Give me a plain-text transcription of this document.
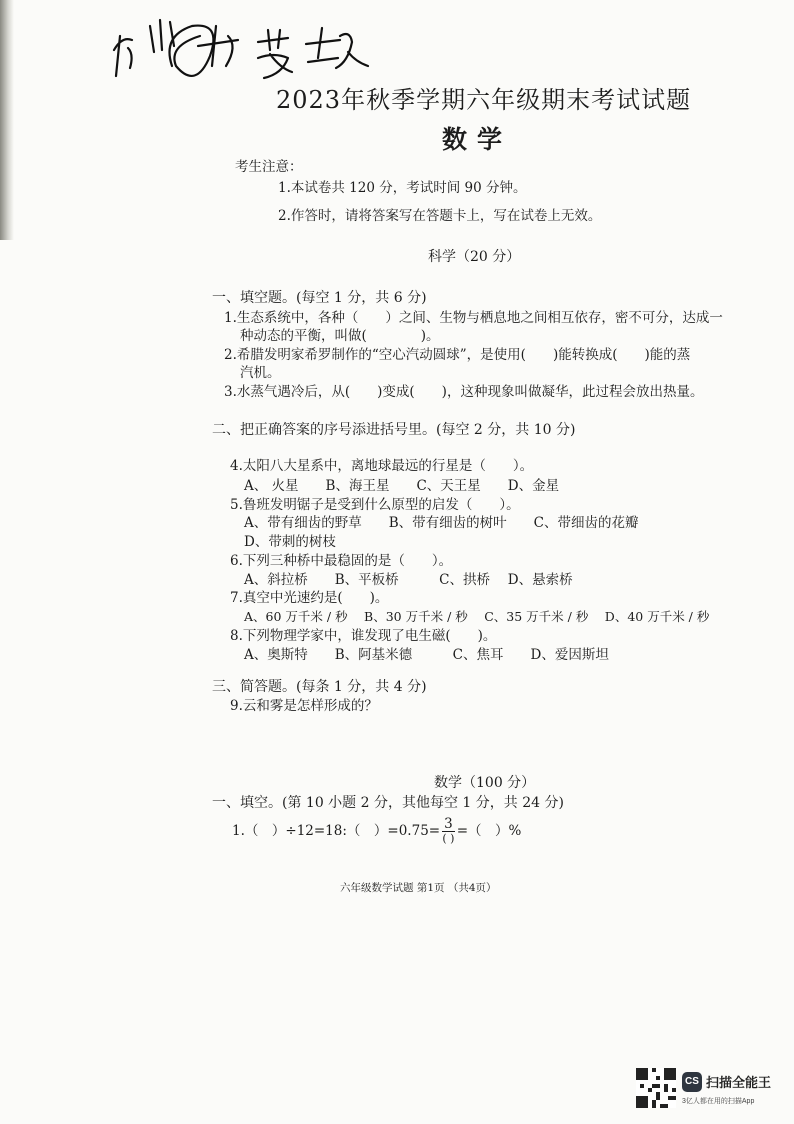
2023年秋季学期六年级期末考试试题
数学
考生注意：
1.本试卷共 120 分，考试时间 90 分钟。
2.作答时，请将答案写在答题卡上，写在试卷上无效。
科学（20 分）
一、填空题。(每空 1 分，共 6 分)
1.生态系统中，各种（　　）之间、生物与栖息地之间相互依存，密不可分，达成一
种动态的平衡，叫做(　　　　)。
2.希腊发明家希罗制作的“空心汽动圆球”，是使用(　　)能转换成(　　)能的蒸
汽机。
3.水蒸气遇冷后，从(　　)变成(　　)，这种现象叫做凝华，此过程会放出热量。
二、把正确答案的序号添进括号里。(每空 2 分，共 10 分)
4.太阳八大星系中，离地球最远的行星是（　　）。
A、 火星　　B、海王星　　C、天王星　　D、金星
5.鲁班发明锯子是受到什么原型的启发（　　）。
A、带有细齿的野草　　B、带有细齿的树叶　　C、带细齿的花瓣
D、带刺的树枝
6.下列三种桥中最稳固的是（　　）。
A、斜拉桥　　B、平板桥　　　C、拱桥　 D、悬索桥
7.真空中光速约是(　　)。
A、60 万千米 / 秒　 B、30 万千米 / 秒　 C、35 万千米 / 秒　 D、40 万千米 / 秒
8.下列物理学家中，谁发现了电生磁(　　)。
A、奥斯特　　B、阿基米德　　　C、焦耳　　D、爱因斯坦
三、简答题。(每条 1 分，共 4 分)
9.云和雾是怎样形成的？
数学（100 分）
一、填空。(第 10 小题 2 分，其他每空 1 分，共 24 分)
1.（　）÷12=18:（　）$=0.75= \frac{3}{( )}$ =（　）%
六年级数学试题 第1页 （共4页）
CS 扫描全能王
3亿人都在用的扫描App
